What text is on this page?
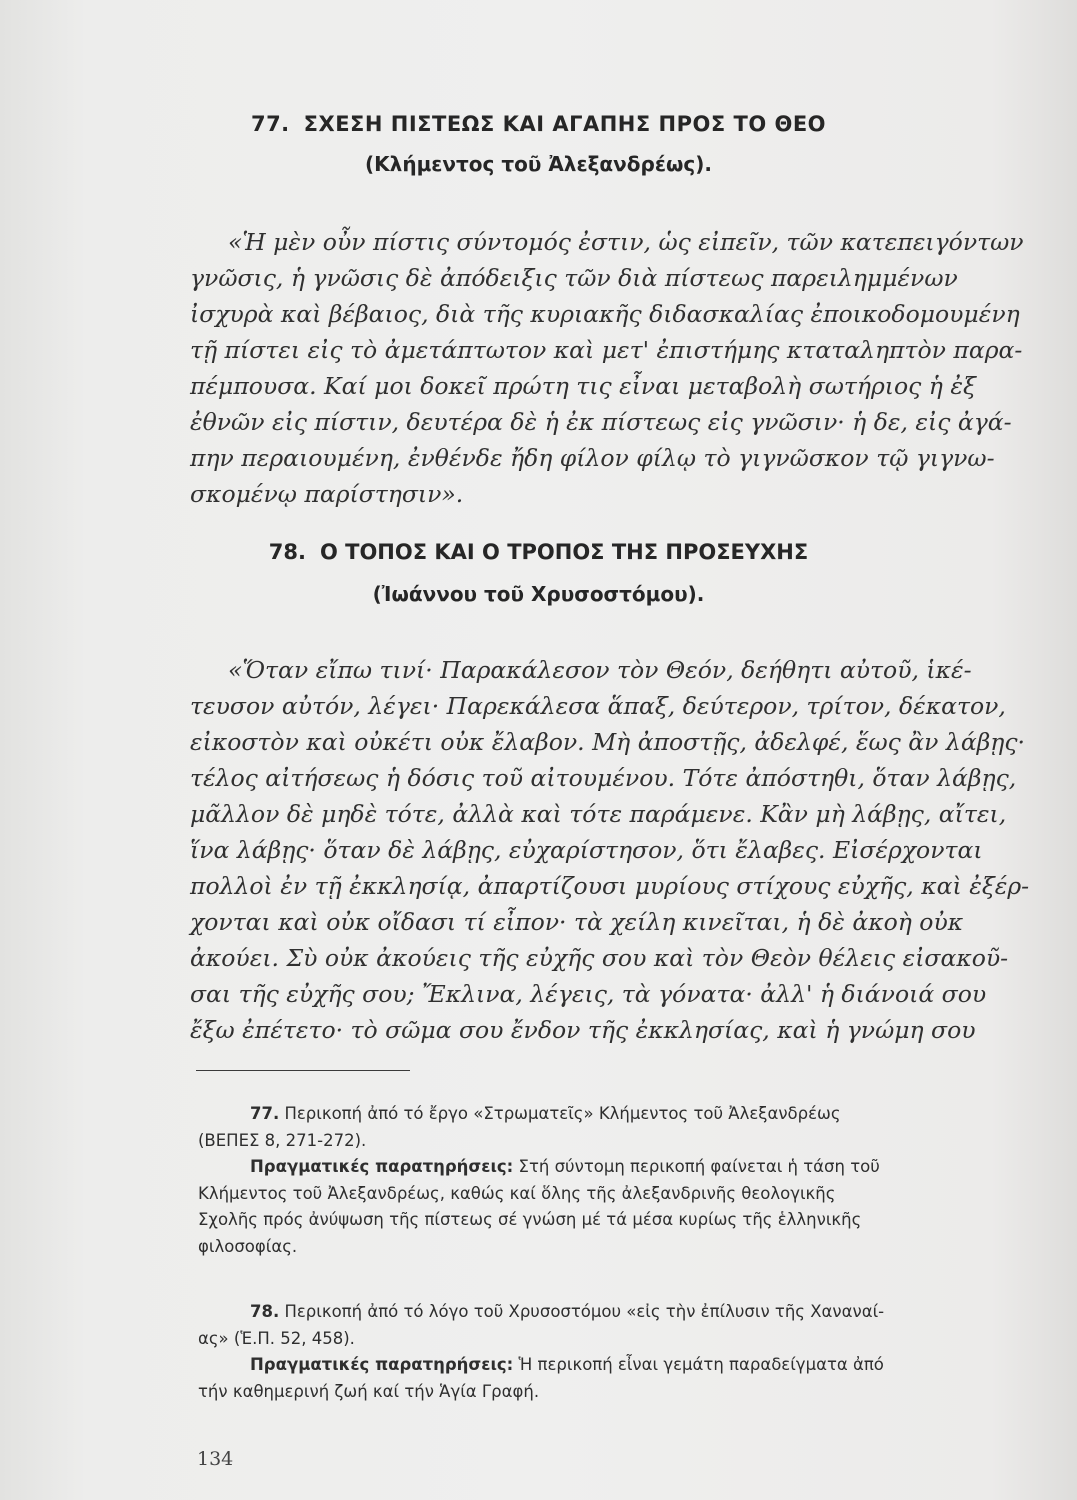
77. ΣΧΕΣΗ ΠΙΣΤΕΩΣ ΚΑΙ ΑΓΑΠΗΣ ΠΡΟΣ ΤΟ ΘΕΟ
(Κλήμεντος τοῦ Ἀλεξανδρέως).

«Ἡ μὲν οὖν πίστις σύντομός ἐστιν, ὡς εἰπεῖν, τῶν κατεπειγόντων

γνῶσις, ἡ γνῶσις δὲ ἀπόδειξις τῶν διὰ πίστεως παρειλημμένων

ἰσχυρὰ καὶ βέβαιος, διὰ τῆς κυριακῆς διδασκαλίας ἐποικοδομουμένη

τῇ πίστει εἰς τὸ ἀμετάπτωτον καὶ μετ' ἐπιστήμης κταταληπτὸν παρα-

πέμπουσα. Καί μοι δοκεῖ πρώτη τις εἶναι μεταβολὴ σωτήριος ἡ ἐξ

ἐθνῶν εἰς πίστιν, δευτέρα δὲ ἡ ἐκ πίστεως εἰς γνῶσιν· ἡ δε, εἰς ἀγά-

πην περαιουμένη, ἐνθένδε ἤδη φίλον φίλῳ τὸ γιγνῶσκον τῷ γιγνω-

σκομένῳ παρίστησιν».

78. Ο ΤΟΠΟΣ ΚΑΙ Ο ΤΡΟΠΟΣ ΤΗΣ ΠΡΟΣΕΥΧΗΣ
(Ἰωάννου τοῦ Χρυσοστόμου).

«Ὅταν εἴπω τινί· Παρακάλεσον τὸν Θεόν, δεήθητι αὐτοῦ, ἱκέ-

τευσον αὐτόν, λέγει· Παρεκάλεσα ἅπαξ, δεύτερον, τρίτον, δέκατον,

εἰκοστὸν καὶ οὐκέτι οὐκ ἔλαβον. Μὴ ἀποστῇς, ἀδελφέ, ἕως ἂν λάβῃς·

τέλος αἰτήσεως ἡ δόσις τοῦ αἰτουμένου. Τότε ἀπόστηθι, ὅταν λάβῃς,

μᾶλλον δὲ μηδὲ τότε, ἀλλὰ καὶ τότε παράμενε. Κἂν μὴ λάβῃς, αἴτει,

ἵνα λάβῃς· ὅταν δὲ λάβῃς, εὐχαρίστησον, ὅτι ἔλαβες. Εἰσέρχονται

πολλοὶ ἐν τῇ ἐκκλησίᾳ, ἀπαρτίζουσι μυρίους στίχους εὐχῆς, καὶ ἐξέρ-

χονται καὶ οὐκ οἴδασι τί εἶπον· τὰ χείλη κινεῖται, ἡ δὲ ἀκοὴ οὐκ

ἀκούει. Σὺ οὐκ ἀκούεις τῆς εὐχῆς σου καὶ τὸν Θεὸν θέλεις εἰσακοῦ-

σαι τῆς εὐχῆς σου; Ἔκλινα, λέγεις, τὰ γόνατα· ἀλλ' ἡ διάνοιά σου

ἔξω ἐπέτετο· τὸ σῶμα σου ἔνδον τῆς ἐκκλησίας, καὶ ἡ γνώμη σου

77. Περικοπή ἀπό τό ἔργο «Στρωματεῖς» Κλήμεντος τοῦ Ἀλεξανδρέως

(ΒΕΠΕΣ 8, 271-272).

Πραγματικές παρατηρήσεις: Στή σύντομη περικοπή φαίνεται ἡ τάση τοῦ

Κλήμεντος τοῦ Ἀλεξανδρέως, καθώς καί ὅλης τῆς ἀλεξανδρινῆς θεολογικῆς

Σχολῆς πρός ἀνύψωση τῆς πίστεως σέ γνώση μέ τά μέσα κυρίως τῆς ἑλληνικῆς

φιλοσοφίας.

78. Περικοπή ἀπό τό λόγο τοῦ Χρυσοστόμου «εἰς τὴν ἐπίλυσιν τῆς Χαναναί-

ας» (Ἑ.Π. 52, 458).

Πραγματικές παρατηρήσεις: Ἡ περικοπή εἶναι γεμάτη παραδείγματα ἀπό

τήν καθημερινή ζωή καί τήν Ἁγία Γραφή.

134
